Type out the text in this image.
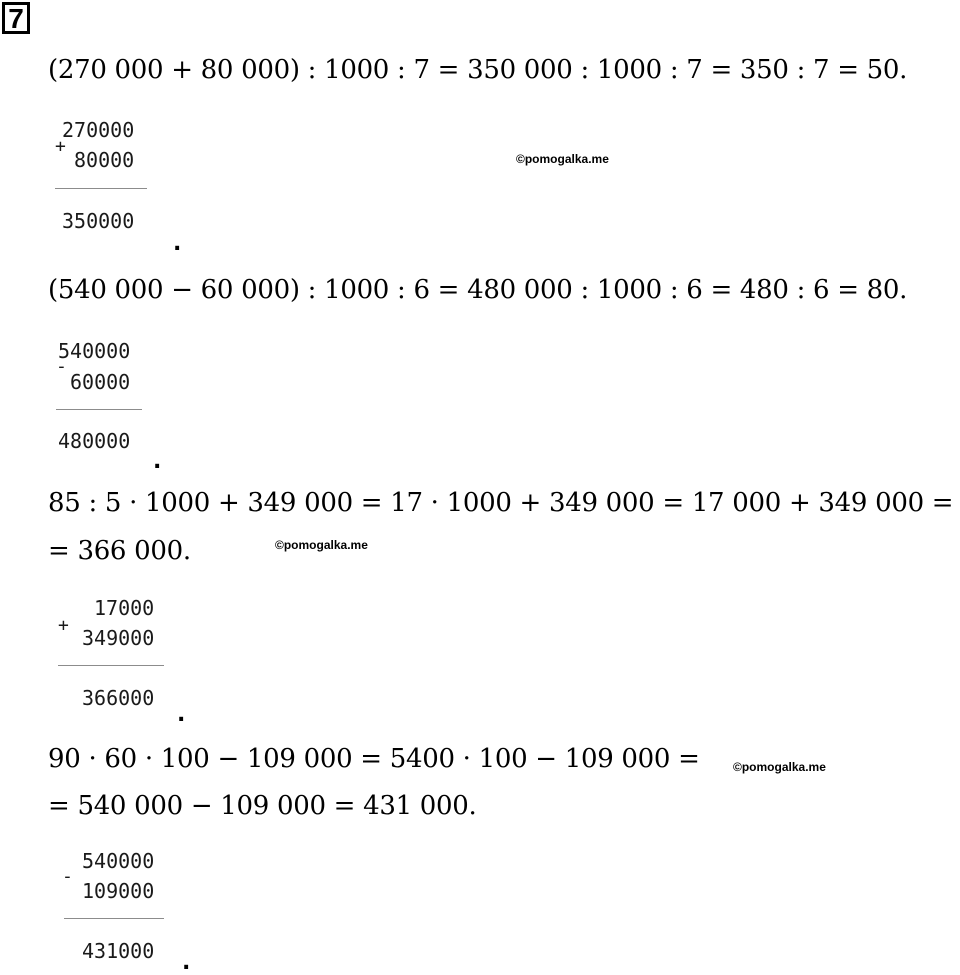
7
(270 000 + 80 000) : 1000 : 7 = 350 000 : 1000 : 7 = 350 : 7 = 50.
270000
+
80000
350000
.
©pomogalka.me
(540 000 − 60 000) : 1000 : 6 = 480 000 : 1000 : 6 = 480 : 6 = 80.
540000
-
60000
480000
.
85 : 5 · 1000 + 349 000 = 17 · 1000 + 349 000 = 17 000 + 349 000 =
= 366 000.	©pomogalka.me
17000
+
349000
366000
.
90 · 60 · 100 − 109 000 = 5400 · 100 − 109 000 =	©pomogalka.me
= 540 000 − 109 000 = 431 000.
540000
-
109000
431000 .
